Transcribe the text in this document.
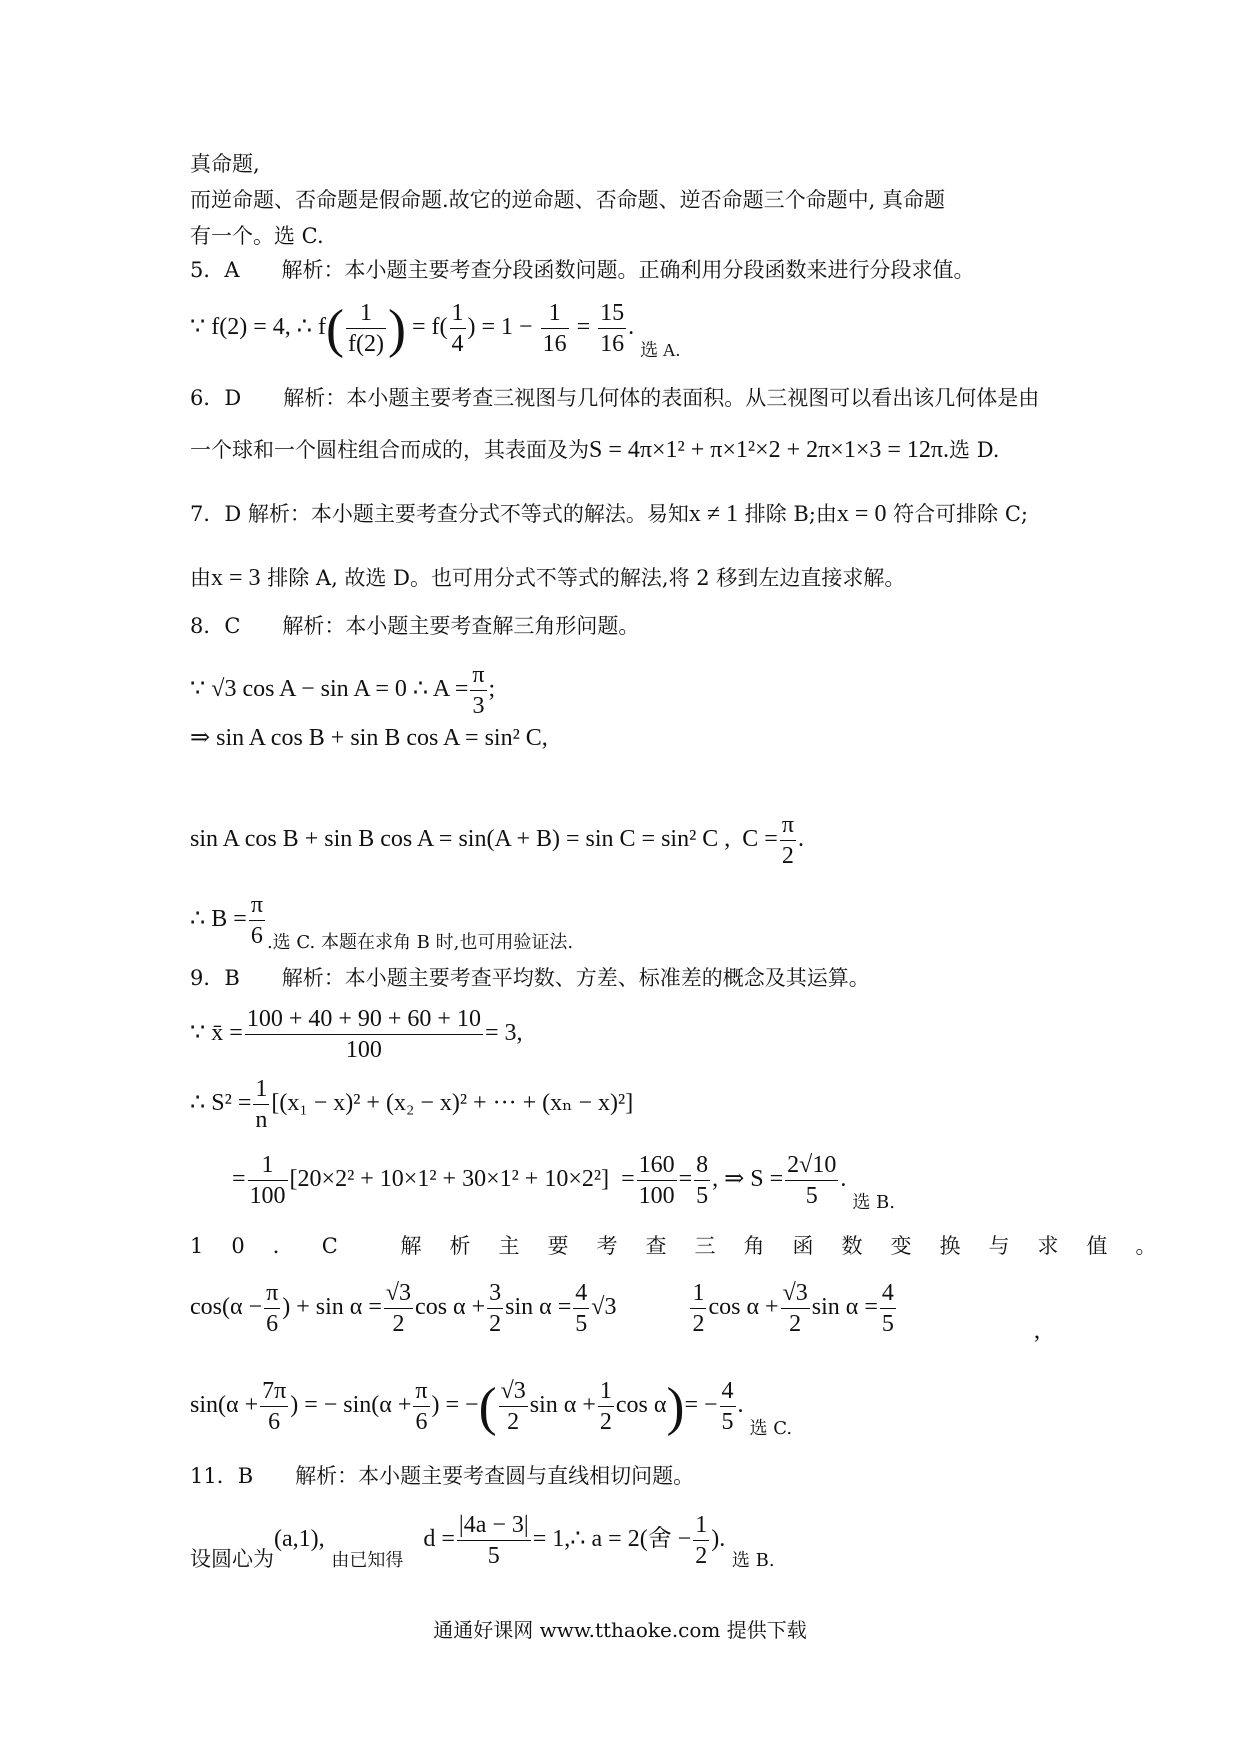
真命题,
而逆命题、否命题是假命题.故它的逆命题、否命题、逆否命题三个命题中, 真命题
有一个。选 C.
5．A　　解析：本小题主要考查分段函数问题。正确利用分段函数来进行分段求值。
∵ f(2) = 4, ∴ $f( \frac{1}{f(2)}$ ) = $f( \frac{1}{4}$ ) = $1 - \frac{1}{16} = \frac{15}{16}$ . $_{选 A.}$
6．D　　解析：本小题主要考查三视图与几何体的表面积。从三视图可以看出该几何体是由
一个球和一个圆柱组合而成的，其表面及为S = 4π×1² + π×1²×2 + 2π×1×3 = 12π.选 D.
7．D 解析：本小题主要考查分式不等式的解法。易知x ≠ 1 排除 B;由x = 0 符合可排除 C;
由x = 3 排除 A, 故选 D。也可用分式不等式的解法,将 2 移到左边直接求解。
8．C　　解析：本小题主要考查解三角形问题。
∵ √3 cos A − sin A = 0 ∴ $A = \frac{\pi}{3}$ ;
⇒ sin A cos B + sin B cos A = sin² C,
sin A cos B + sin B cos A = sin(A + B) = sin C = sin² C , $C = \frac{\pi}{2}$ .
∴ $B = \frac{\pi}{6} _{.选 C. 本题在求角 B 时,也可用验证法.}$
9．B　　解析：本小题主要考查平均数、方差、标准差的概念及其运算。
∵ x̄ = $\frac{100 + 40 + 90 + 60 + 10}{100} = 3$,
∴ $S^2 = \frac{1}{n} [(x_1 - x)^2 + (x_2 - x)^2$ + ··· + (xₙ − x)²]
= $\frac{1}{100} [20\times 2^2 + 10\times 1^2 + 30\times 1^2 + 10\times 2^2] = \frac{160}{100} = \frac{8}{5}$ , ⇒ $S = \frac{2√10}{5}$ . $_{选 B.}$
10．C 解析主要考查三角函数变换与求值。
$\cos(\alpha - \frac{\pi}{6}$ ) + $\sin \alpha = \frac{√3}{2}$ $\cos \alpha + \frac{3}{2}$ $\sin \alpha = \frac{4}{5} √3$	$\frac{1}{2}$ $\cos \alpha + \frac{√3}{2}$ $\sin \alpha = \frac{4}{5}$	,
$\sin(\alpha + \frac{7\pi}{6}$ ) = − $\sin(\alpha + \frac{\pi}{6}$ ) = −( $\frac{√3}{2}$ $\sin \alpha + \frac{1}{2}$ $\cos \alpha)= - \frac{4}{5}$ . $_{选 C.}$
11．B　　解析：本小题主要考查圆与直线相切问题。
设圆心为(a,1), 由已知得   $d = \frac{|4a - 3|}{5}$ = 1,∴ a = 2(舍 − $\frac{1}{2}$ ). 选 B.
通通好课网 www.tthaoke.com 提供下载
